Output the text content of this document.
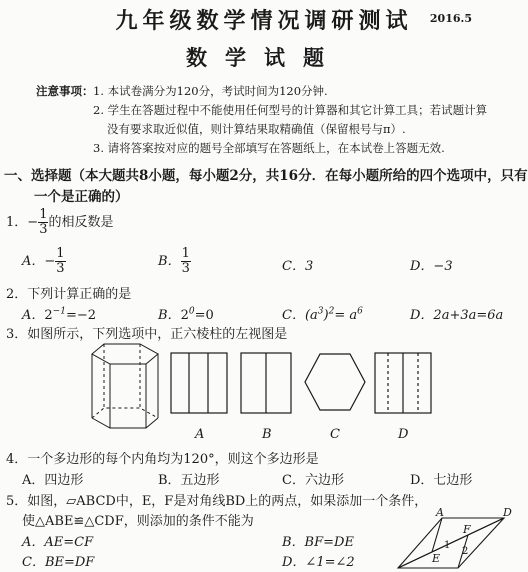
九年级数学情况调研测试	2016.5
数学试题
注意事项： 1. 本试卷满分为120分，考试时间为120分钟.
2. 学生在答题过程中不能使用任何型号的计算器和其它计算工具；若试题计算
没有要求取近似值，则计算结果取精确值（保留根号与π）.
3. 请将答案按对应的题号全部填写在答题纸上，在本试卷上答题无效.
一、选择题（本大题共8小题，每小题2分，共16分．在每小题所给的四个选项中，只有
一个是正确的）
1．− $\frac{1}{3}$ 的相反数是
A．− $\frac{1}{3}$	B． $\frac{1}{3}$	C．3	D．−3
2．下列计算正确的是
A．$2^{-1}=-2$	B．$2^0=0$	C．$(a^3)^2= a^6$	D．2a+3a=6a
3．如图所示，下列选项中，正六棱柱的左视图是
A	B	C	D
4．一个多边形的每个内角均为120°，则这个多边形是
A．四边形	B．五边形	C．六边形	D．七边形
5．如图，▱ABCD中，E，F是对角线BD上的两点，如果添加一个条件，
使△ABE≌△CDF，则添加的条件不能为
A．AE=CF	B．BF=DE
C．BE=DF	D．∠1=∠2
A	D
F
E
1
2
